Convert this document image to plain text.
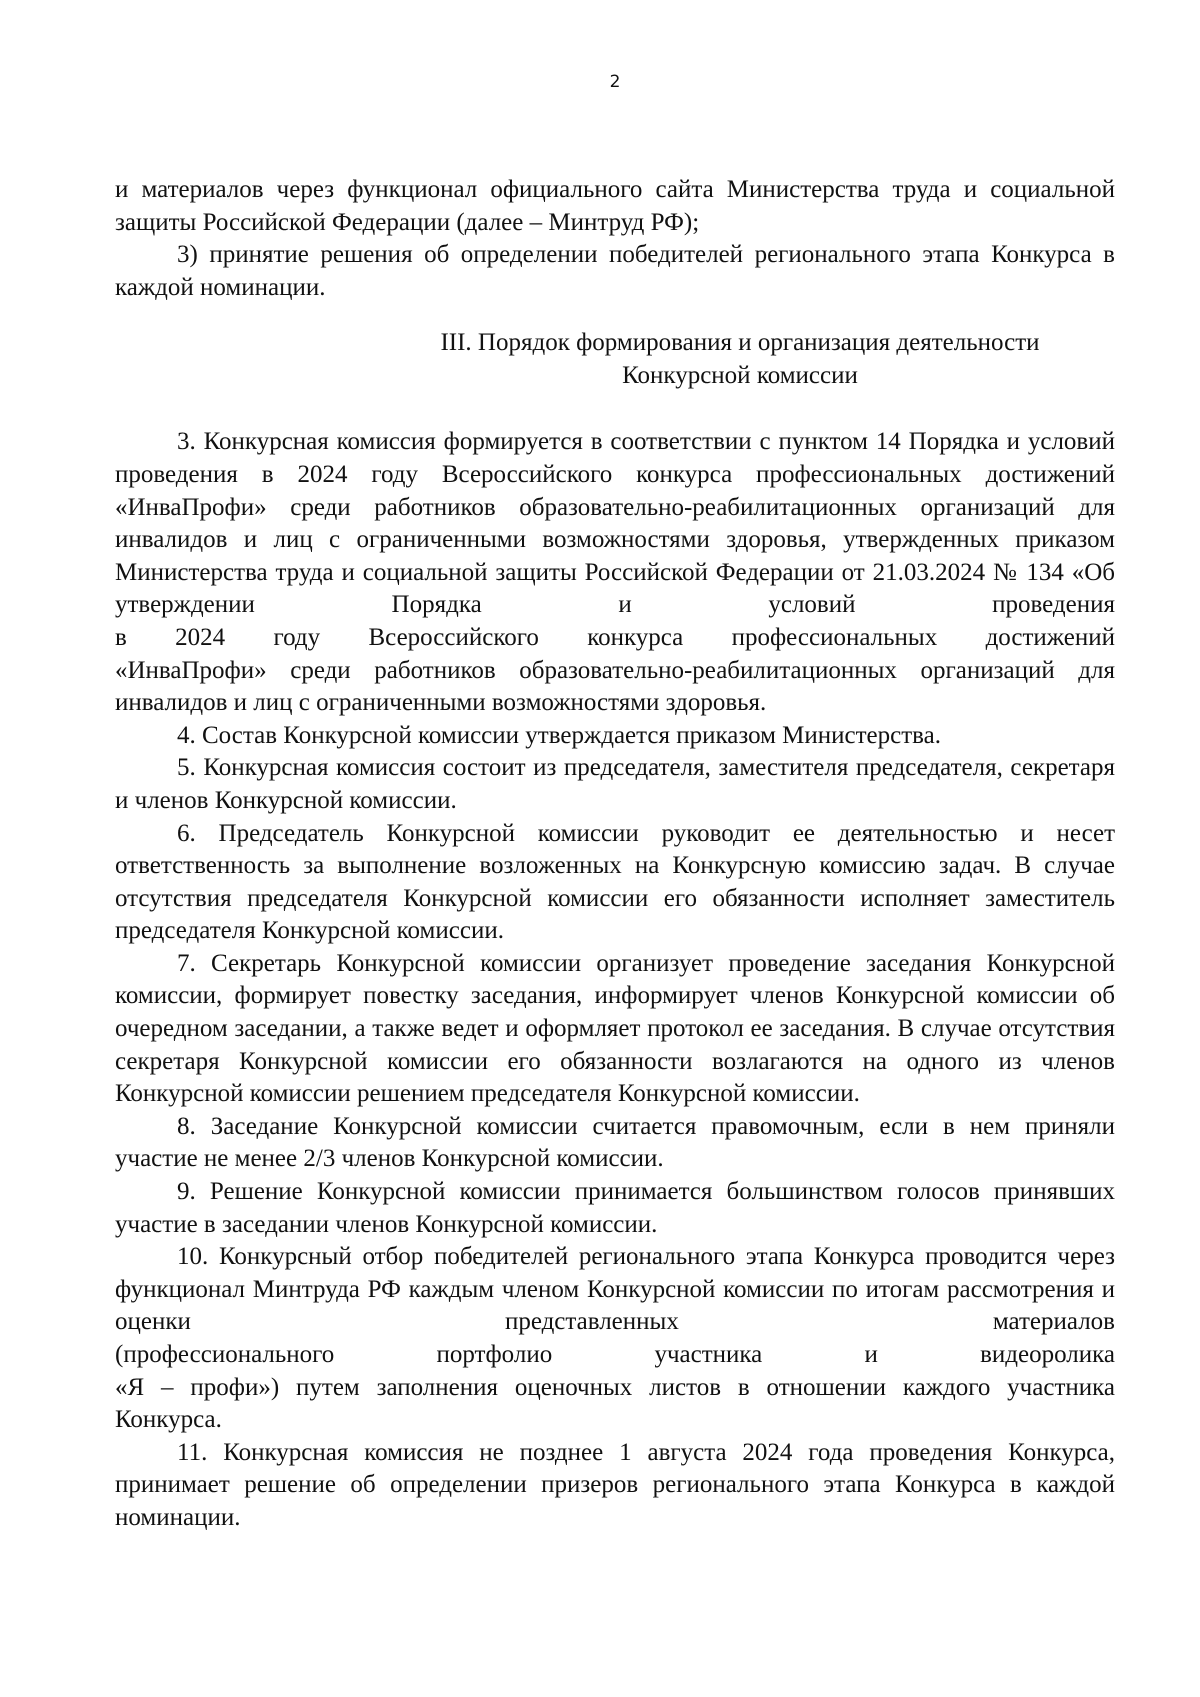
2

и материалов через функционал официального сайта Министерства труда и социальной защиты Российской Федерации (далее – Минтруд РФ);

3) принятие решения об определении победителей регионального этапа Конкурса в каждой номинации.

III. Порядок формирования и организация деятельности
Конкурсной комиссии

3. Конкурсная комиссия формируется в соответствии с пунктом 14 Порядка и условий проведения в 2024 году Всероссийского конкурса профессиональных достижений «ИнваПрофи» среди работников образовательно-реабилитационных организаций для инвалидов и лиц с ограниченными возможностями здоровья, утвержденных приказом Министерства труда и социальной защиты Российской Федерации от 21.03.2024 № 134 «Об утверждении Порядка и условий проведения

в 2024 году Всероссийского конкурса профессиональных достижений

«ИнваПрофи» среди работников образовательно-реабилитационных организаций для инвалидов и лиц с ограниченными возможностями здоровья.

4. Состав Конкурсной комиссии утверждается приказом Министерства.

5. Конкурсная комиссия состоит из председателя, заместителя председателя, секретаря и членов Конкурсной комиссии.

6. Председатель Конкурсной комиссии руководит ее деятельностью и несет ответственность за выполнение возложенных на Конкурсную комиссию задач. В случае отсутствия председателя Конкурсной комиссии его обязанности исполняет заместитель председателя Конкурсной комиссии.

7. Секретарь Конкурсной комиссии организует проведение заседания Конкурсной комиссии, формирует повестку заседания, информирует членов Конкурсной комиссии об очередном заседании, а также ведет и оформляет протокол ее заседания. В случае отсутствия секретаря Конкурсной комиссии его обязанности возлагаются на одного из членов Конкурсной комиссии решением председателя Конкурсной комиссии.

8. Заседание Конкурсной комиссии считается правомочным, если в нем приняли участие не менее 2/3 членов Конкурсной комиссии.

9. Решение Конкурсной комиссии принимается большинством голосов принявших участие в заседании членов Конкурсной комиссии.

10. Конкурсный отбор победителей регионального этапа Конкурса проводится через функционал Минтруда РФ каждым членом Конкурсной комиссии по итогам рассмотрения и оценки представленных материалов

(профессионального портфолио участника и видеоролика

«Я – профи») путем заполнения оценочных листов в отношении каждого участника Конкурса.

11. Конкурсная комиссия не позднее 1 августа 2024 года проведения Конкурса, принимает решение об определении призеров регионального этапа Конкурса в каждой номинации.
